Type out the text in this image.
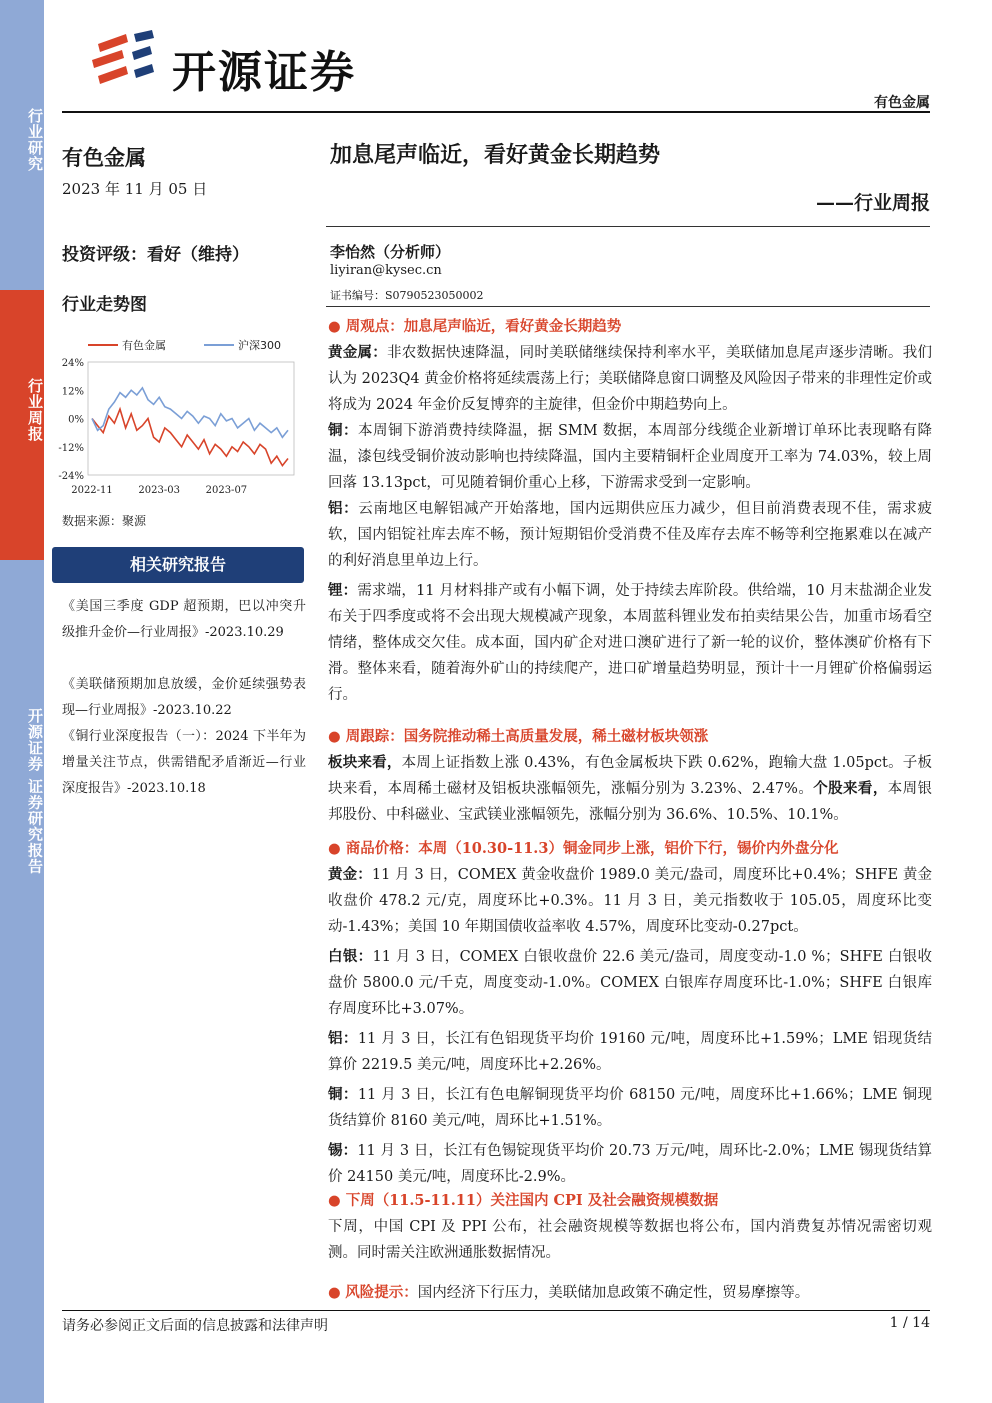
行业研究
行业周报
开源证券 证券研究报告
开源证券
有色金属
有色金属
2023 年 11 月 05 日
投资评级：看好（维持）
行业走势图
有色金属	沪深300
24%
12%
0%
-12%
-24%
2022-11	2023-03	2023-07
数据来源：聚源
相关研究报告
《美国三季度 GDP 超预期，巴以冲突升级推升金价—行业周报》-2023.10.29
《美联储预期加息放缓，金价延续强势表现—行业周报》-2023.10.22
《铜行业深度报告（一）：2024 下半年为增量关注节点，供需错配矛盾渐近—行业深度报告》-2023.10.18
加息尾声临近，看好黄金长期趋势
——行业周报
李怡然（分析师）
liyiran@kysec.cn
证书编号：S0790523050002
● 周观点：加息尾声临近，看好黄金长期趋势
黄金属：非农数据快速降温，同时美联储继续保持利率水平，美联储加息尾声逐步清晰。我们认为 2023Q4 黄金价格将延续震荡上行；美联储降息窗口调整及风险因子带来的非理性定价或将成为 2024 年金价反复博弈的主旋律，但金价中期趋势向上。
铜：本周铜下游消费持续降温，据 SMM 数据，本周部分线缆企业新增订单环比表现略有降温，漆包线受铜价波动影响也持续降温，国内主要精铜杆企业周度开工率为 74.03%，较上周回落 13.13pct，可见随着铜价重心上移，下游需求受到一定影响。
铝：云南地区电解铝减产开始落地，国内远期供应压力减少，但目前消费表现不佳，需求疲软，国内铝锭社库去库不畅，预计短期铝价受消费不佳及库存去库不畅等利空拖累难以在减产的利好消息里单边上行。
锂：需求端，11 月材料排产或有小幅下调，处于持续去库阶段。供给端，10 月末盐湖企业发布关于四季度或将不会出现大规模减产现象，本周蓝科锂业发布拍卖结果公告，加重市场看空情绪，整体成交欠佳。成本面，国内矿企对进口澳矿进行了新一轮的议价，整体澳矿价格有下滑。整体来看，随着海外矿山的持续爬产，进口矿增量趋势明显，预计十一月锂矿价格偏弱运行。
● 周跟踪：国务院推动稀土高质量发展，稀土磁材板块领涨
板块来看，本周上证指数上涨 0.43%，有色金属板块下跌 0.62%，跑输大盘 1.05pct。子板块来看，本周稀土磁材及铝板块涨幅领先，涨幅分别为 3.23%、2.47%。个股来看，本周银邦股份、中科磁业、宝武镁业涨幅领先，涨幅分别为 36.6%、10.5%、10.1%。
● 商品价格：本周（10.30-11.3）铜金同步上涨，铝价下行，锡价内外盘分化
黄金：11 月 3 日，COMEX 黄金收盘价 1989.0 美元/盎司，周度环比+0.4%；SHFE 黄金收盘价 478.2 元/克，周度环比+0.3%。11 月 3 日，美元指数收于 105.05，周度环比变动-1.43%；美国 10 年期国债收益率收 4.57%，周度环比变动-0.27pct。
白银：11 月 3 日，COMEX 白银收盘价 22.6 美元/盎司，周度变动-1.0 %；SHFE 白银收盘价 5800.0 元/千克，周度变动-1.0%。COMEX 白银库存周度环比-1.0%；SHFE 白银库存周度环比+3.07%。
铝：11 月 3 日，长江有色铝现货平均价 19160 元/吨，周度环比+1.59%；LME 铝现货结算价 2219.5 美元/吨，周度环比+2.26%。
铜：11 月 3 日，长江有色电解铜现货平均价 68150 元/吨，周度环比+1.66%；LME 铜现货结算价 8160 美元/吨，周环比+1.51%。
锡：11 月 3 日，长江有色锡锭现货平均价 20.73 万元/吨，周环比-2.0%；LME 锡现货结算价 24150 美元/吨，周度环比-2.9%。
● 下周（11.5-11.11）关注国内 CPI 及社会融资规模数据
下周，中国 CPI 及 PPI 公布，社会融资规模等数据也将公布，国内消费复苏情况需密切观测。同时需关注欧洲通胀数据情况。
● 风险提示：国内经济下行压力，美联储加息政策不确定性，贸易摩擦等。
请务必参阅正文后面的信息披露和法律声明	1 / 14
